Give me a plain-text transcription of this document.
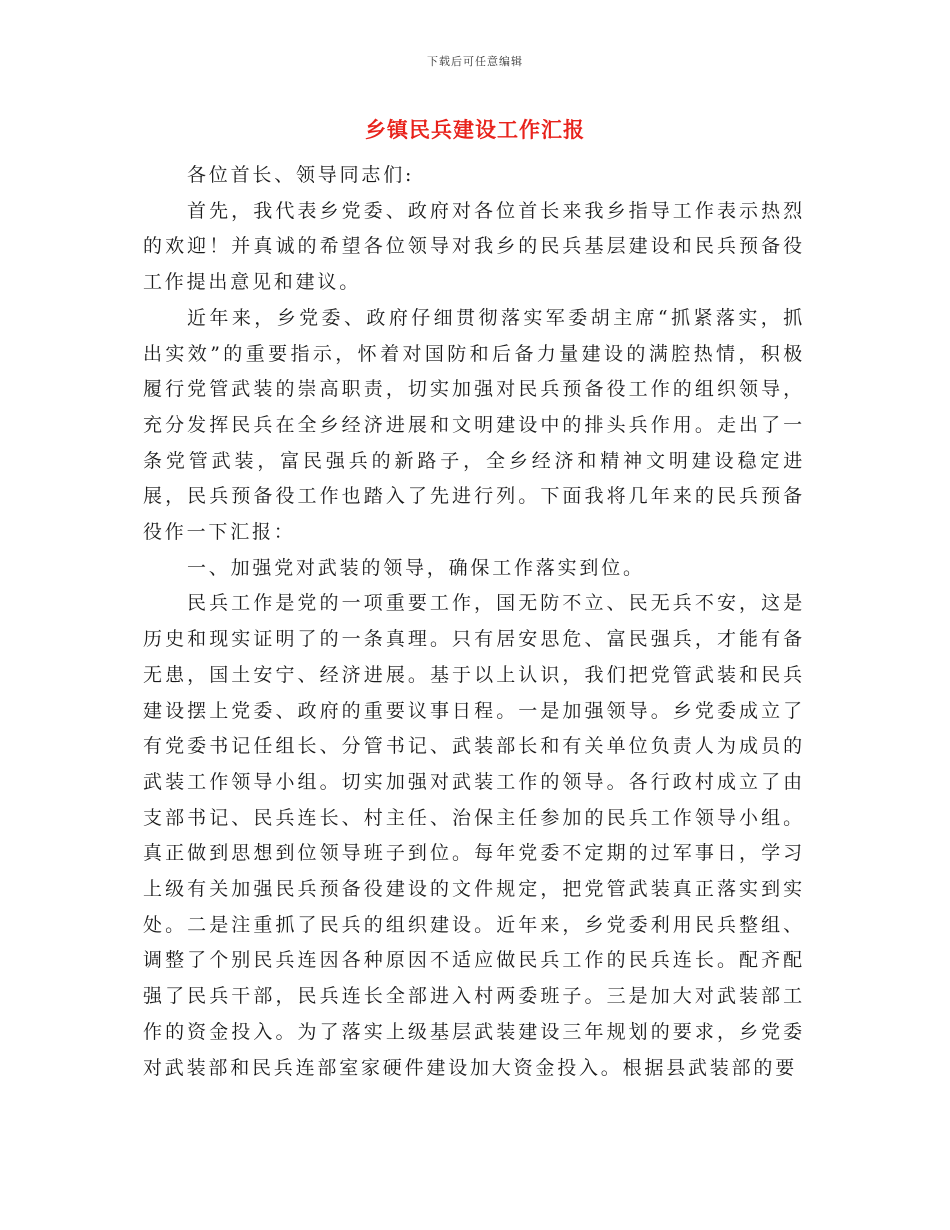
下载后可任意编辑
乡镇民兵建设工作汇报

各位首长、领导同志们:

首先，我代表乡党委、政府对各位首长来我乡指导工作表示热烈的欢迎！并真诚的希望各位领导对我乡的民兵基层建设和民兵预备役工作提出意见和建议。

近年来，乡党委、政府仔细贯彻落实军委胡主席“抓紧落实，抓出实效”的重要指示，怀着对国防和后备力量建设的满腔热情，积极履行党管武装的崇高职责，切实加强对民兵预备役工作的组织领导，充分发挥民兵在全乡经济进展和文明建设中的排头兵作用。走出了一条党管武装，富民强兵的新路子，全乡经济和精神文明建设稳定进展，民兵预备役工作也踏入了先进行列。下面我将几年来的民兵预备役作一下汇报：

一、加强党对武装的领导，确保工作落实到位。

民兵工作是党的一项重要工作，国无防不立、民无兵不安，这是历史和现实证明了的一条真理。只有居安思危、富民强兵，才能有备无患，国土安宁、经济进展。基于以上认识，我们把党管武装和民兵建设摆上党委、政府的重要议事日程。一是加强领导。乡党委成立了有党委书记任组长、分管书记、武装部长和有关单位负责人为成员的武装工作领导小组。切实加强对武装工作的领导。各行政村成立了由支部书记、民兵连长、村主任、治保主任参加的民兵工作领导小组。真正做到思想到位领导班子到位。每年党委不定期的过军事日，学习上级有关加强民兵预备役建设的文件规定，把党管武装真正落实到实处。二是注重抓了民兵的组织建设。近年来，乡党委利用民兵整组、调整了个别民兵连因各种原因不适应做民兵工作的民兵连长。配齐配强了民兵干部，民兵连长全部进入村两委班子。三是加大对武装部工作的资金投入。为了落实上级基层武装建设三年规划的要求，乡党委对武装部和民兵连部室家硬件建设加大资金投入。根据县武装部的要
